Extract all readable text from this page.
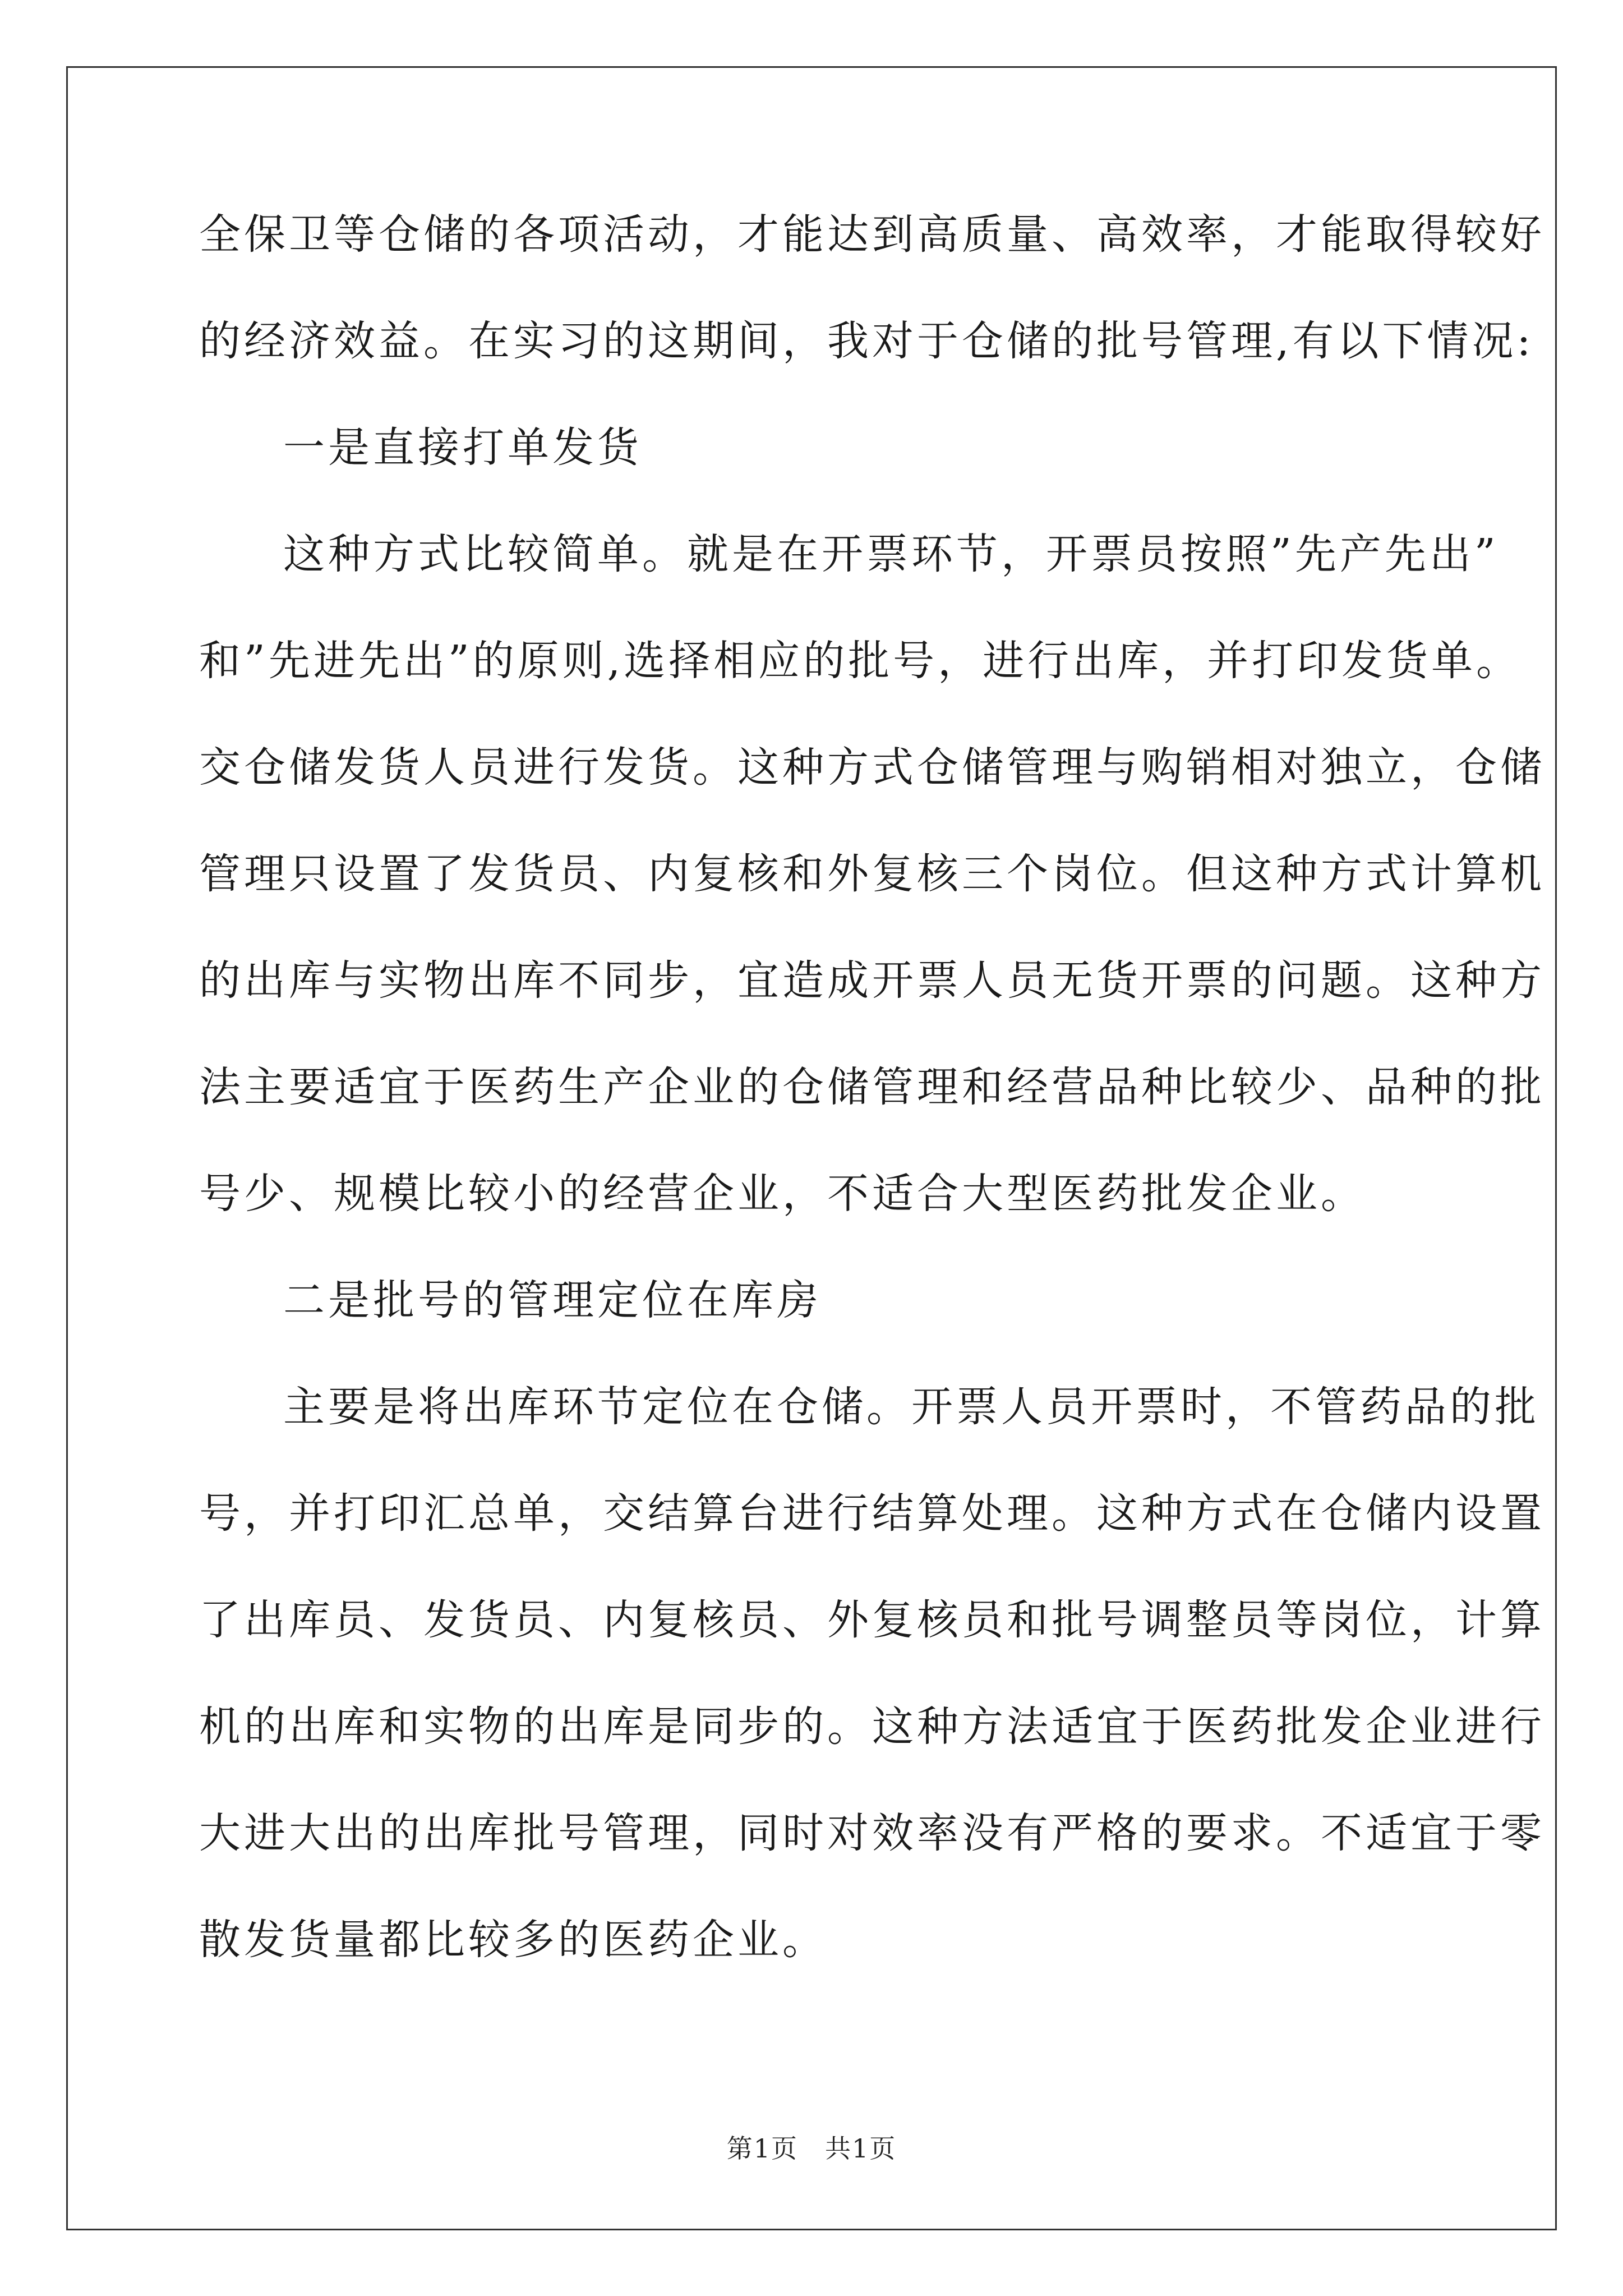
全保卫等仓储的各项活动，才能达到高质量、高效率，才能取得较好
的经济效益。在实习的这期间，我对于仓储的批号管理,有以下情况:
一是直接打单发货
这种方式比较简单。就是在开票环节，开票员按照”先产先出”
和”先进先出”的原则,选择相应的批号，进行出库，并打印发货单。
交仓储发货人员进行发货。这种方式仓储管理与购销相对独立，仓储
管理只设置了发货员、内复核和外复核三个岗位。但这种方式计算机
的出库与实物出库不同步，宜造成开票人员无货开票的问题。这种方
法主要适宜于医药生产企业的仓储管理和经营品种比较少、品种的批
号少、规模比较小的经营企业，不适合大型医药批发企业。
二是批号的管理定位在库房
主要是将出库环节定位在仓储。开票人员开票时，不管药品的批
号，并打印汇总单，交结算台进行结算处理。这种方式在仓储内设置
了出库员、发货员、内复核员、外复核员和批号调整员等岗位，计算
机的出库和实物的出库是同步的。这种方法适宜于医药批发企业进行
大进大出的出库批号管理，同时对效率没有严格的要求。不适宜于零
散发货量都比较多的医药企业。
第1页　共1页
